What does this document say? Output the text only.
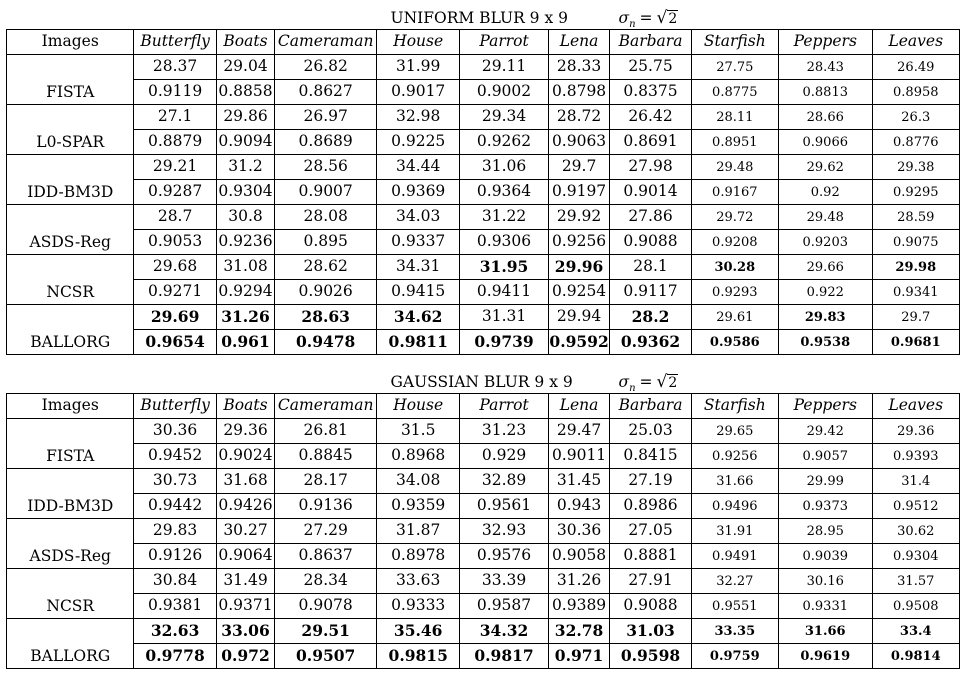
UNIFORM BLUR 9 x 9 $\sigma_n = √2$										

Images	Butterfly	Boats	Cameraman	House	Parrot	Lena	Barbara	Starfish	Peppers	Leaves
FISTA	28.37	29.04	26.82	31.99	29.11	28.33	25.75	27.75	28.43	26.49
	0.9119	0.8858	0.8627	0.9017	0.9002	0.8798	0.8375	0.8775	0.8813	0.8958
L0-SPAR	27.1	29.86	26.97	32.98	29.34	28.72	26.42	28.11	28.66	26.3
	0.8879	0.9094	0.8689	0.9225	0.9262	0.9063	0.8691	0.8951	0.9066	0.8776
IDD-BM3D	29.21	31.2	28.56	34.44	31.06	29.7	27.98	29.48	29.62	29.38
	0.9287	0.9304	0.9007	0.9369	0.9364	0.9197	0.9014	0.9167	0.92	0.9295
ASDS-Reg	28.7	30.8	28.08	34.03	31.22	29.92	27.86	29.72	29.48	28.59
	0.9053	0.9236	0.895	0.9337	0.9306	0.9256	0.9088	0.9208	0.9203	0.9075
NCSR	29.68	31.08	28.62	34.31	31.95	29.96	28.1	30.28	29.66	29.98
	0.9271	0.9294	0.9026	0.9415	0.9411	0.9254	0.9117	0.9293	0.922	0.9341
BALLORG	29.69	31.26	28.63	34.62	31.31	29.94	28.2	29.61	29.83	29.7
	0.9654	0.961	0.9478	0.9811	0.9739	0.9592	0.9362	0.9586	0.9538	0.9681
GAUSSIAN BLUR 9 x 9 $\sigma_n = √2$										

Images	Butterfly	Boats	Cameraman	House	Parrot	Lena	Barbara	Starfish	Peppers	Leaves
FISTA	30.36	29.36	26.81	31.5	31.23	29.47	25.03	29.65	29.42	29.36
	0.9452	0.9024	0.8845	0.8968	0.929	0.9011	0.8415	0.9256	0.9057	0.9393
IDD-BM3D	30.73	31.68	28.17	34.08	32.89	31.45	27.19	31.66	29.99	31.4
	0.9442	0.9426	0.9136	0.9359	0.9561	0.943	0.8986	0.9496	0.9373	0.9512
ASDS-Reg	29.83	30.27	27.29	31.87	32.93	30.36	27.05	31.91	28.95	30.62
	0.9126	0.9064	0.8637	0.8978	0.9576	0.9058	0.8881	0.9491	0.9039	0.9304
NCSR	30.84	31.49	28.34	33.63	33.39	31.26	27.91	32.27	30.16	31.57
	0.9381	0.9371	0.9078	0.9333	0.9587	0.9389	0.9088	0.9551	0.9331	0.9508
BALLORG	32.63	33.06	29.51	35.46	34.32	32.78	31.03	33.35	31.66	33.4
	0.9778	0.972	0.9507	0.9815	0.9817	0.971	0.9598	0.9759	0.9619	0.9814
